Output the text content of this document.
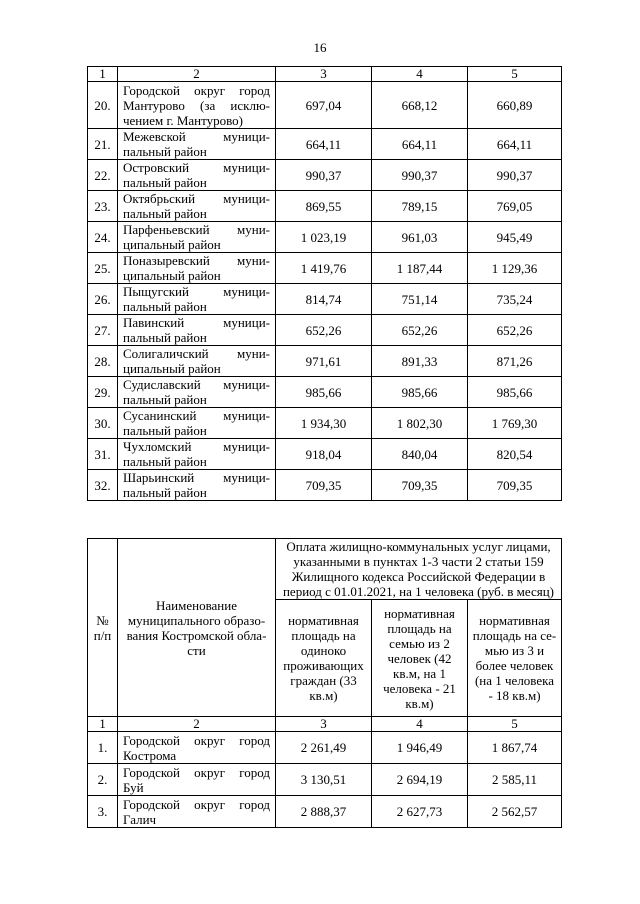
16
1	2	3	4	5
20.	Городской округ город Мантурово (за исклю-чением г. Мантурово)	697,04	668,12	660,89
21.	Межевской муници-пальный район	664,11	664,11	664,11
22.	Островский муници-пальный район	990,37	990,37	990,37
23.	Октябрьский муници-пальный район	869,55	789,15	769,05
24.	Парфеньевский муни-ципальный район	1 023,19	961,03	945,49
25.	Поназыревский муни-ципальный район	1 419,76	1 187,44	1 129,36
26.	Пыщугский муници-пальный район	814,74	751,14	735,24
27.	Павинский муници-пальный район	652,26	652,26	652,26
28.	Солигаличский муни-ципальный район	971,61	891,33	871,26
29.	Судиславский муници-пальный район	985,66	985,66	985,66
30.	Сусанинский муници-пальный район	1 934,30	1 802,30	1 769,30
31.	Чухломский муници-пальный район	918,04	840,04	820,54
32.	Шарьинский муници-пальный район	709,35	709,35	709,35
№ п/п	Наименование муниципального образо-вания Костромской обла-сти	Оплата жилищно-коммунальных услуг лицами, указанными в пунктах 1-3 части 2 статьи 159 Жилищного кодекса Российской Федерации в период с 01.01.2021, на 1 человека (руб. в месяц)		
		нормативная площадь на одиноко проживающих граждан (33 кв.м)	нормативная площадь на семью из 2 человек (42 кв.м, на 1 человека - 21 кв.м)	нормативная площадь на се-мью из 3 и более человек (на 1 человека - 18 кв.м)
1	2	3	4	5
1.	Городской округ город Кострома	2 261,49	1 946,49	1 867,74
2.	Городской округ город Буй	3 130,51	2 694,19	2 585,11
3.	Городской округ город Галич	2 888,37	2 627,73	2 562,57
